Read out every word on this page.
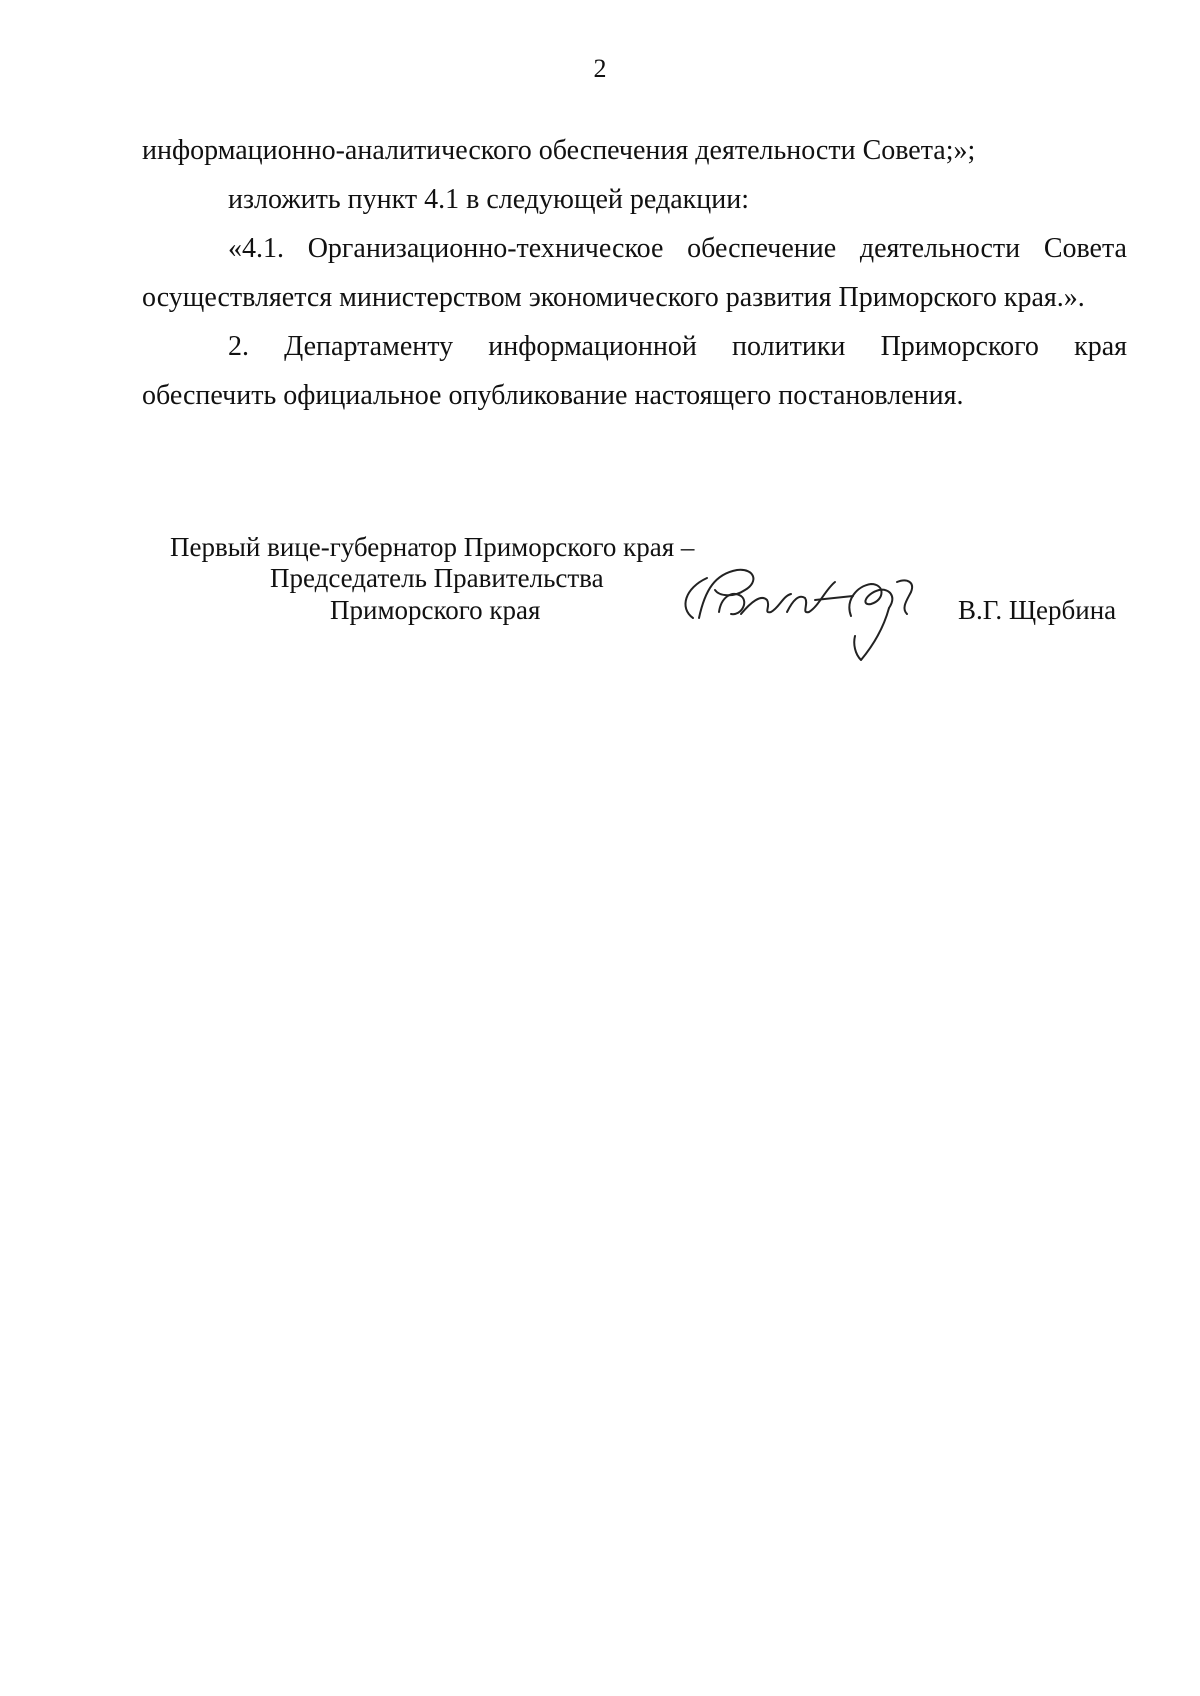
2
информационно-аналитического обеспечения деятельности Совета;»;
изложить пункт 4.1 в следующей редакции:
«4.1. Организационно-техническое обеспечение деятельности Совета
осуществляется министерством экономического развития Приморского края.».
2. Департаменту информационной политики Приморского края
обеспечить официальное опубликование настоящего постановления.
Первый вице-губернатор Приморского края –
Председатель Правительства
Приморского края	В.Г. Щербина
